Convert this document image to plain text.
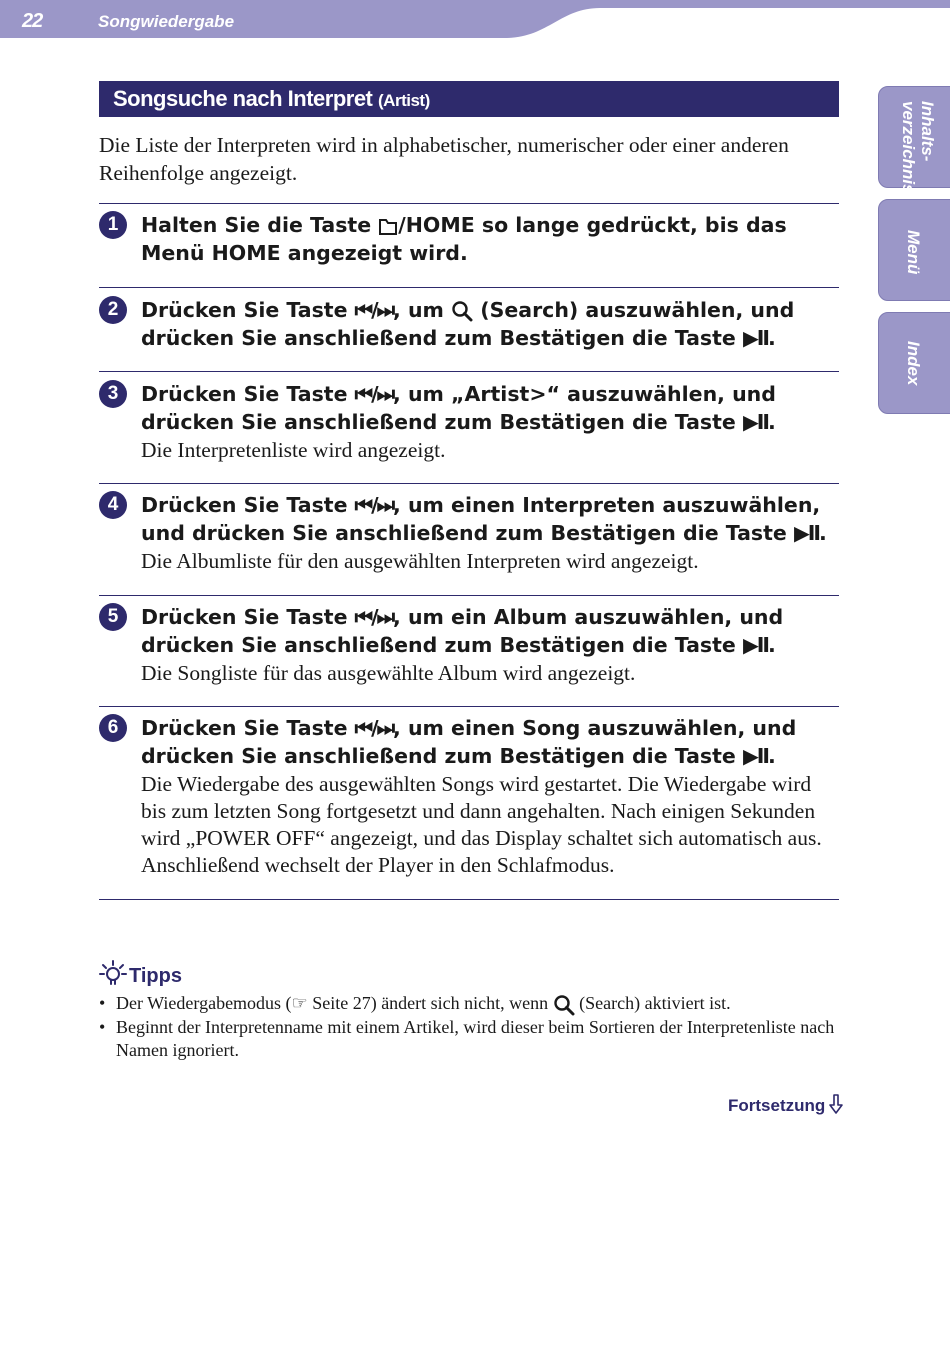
22	Songwiedergabe
Inhalts-
verzeichnis
Menü
Index
Songsuche nach Interpret (Artist)

Die Liste der Interpreten wird in alphabetischer, numerischer oder einer anderen Reihenfolge angezeigt.

1	Halten Sie die Taste /HOME so lange gedrückt, bis das Menü HOME angezeigt wird.
2	Drücken Sie Taste ⏮/⏭, um  (Search) auszuwählen, und drücken Sie anschließend zum Bestätigen die Taste ▶II.
3	Drücken Sie Taste ⏮/⏭, um „Artist>“ auszuwählen, und drücken Sie anschließend zum Bestätigen die Taste ▶II.
Die Interpretenliste wird angezeigt.
4	Drücken Sie Taste ⏮/⏭, um einen Interpreten auszuwählen, und drücken Sie anschließend zum Bestätigen die Taste ▶II.
Die Albumliste für den ausgewählten Interpreten wird angezeigt.
5	Drücken Sie Taste ⏮/⏭, um ein Album auszuwählen, und drücken Sie anschließend zum Bestätigen die Taste ▶II.
Die Songliste für das ausgewählte Album wird angezeigt.
6	Drücken Sie Taste ⏮/⏭, um einen Song auszuwählen, und drücken Sie anschließend zum Bestätigen die Taste ▶II.
Die Wiedergabe des ausgewählten Songs wird gestartet. Die Wiedergabe wird bis zum letzten Song fortgesetzt und dann angehalten. Nach einigen Sekunden wird „POWER OFF“ angezeigt, und das Display schaltet sich automatisch aus. Anschließend wechselt der Player in den Schlafmodus.
Tipps
• Der Wiedergabemodus (☞ Seite 27) ändert sich nicht, wenn  (Search) aktiviert ist.
• Beginnt der Interpretenname mit einem Artikel, wird dieser beim Sortieren der Interpretenliste nach Namen ignoriert.
Fortsetzung
